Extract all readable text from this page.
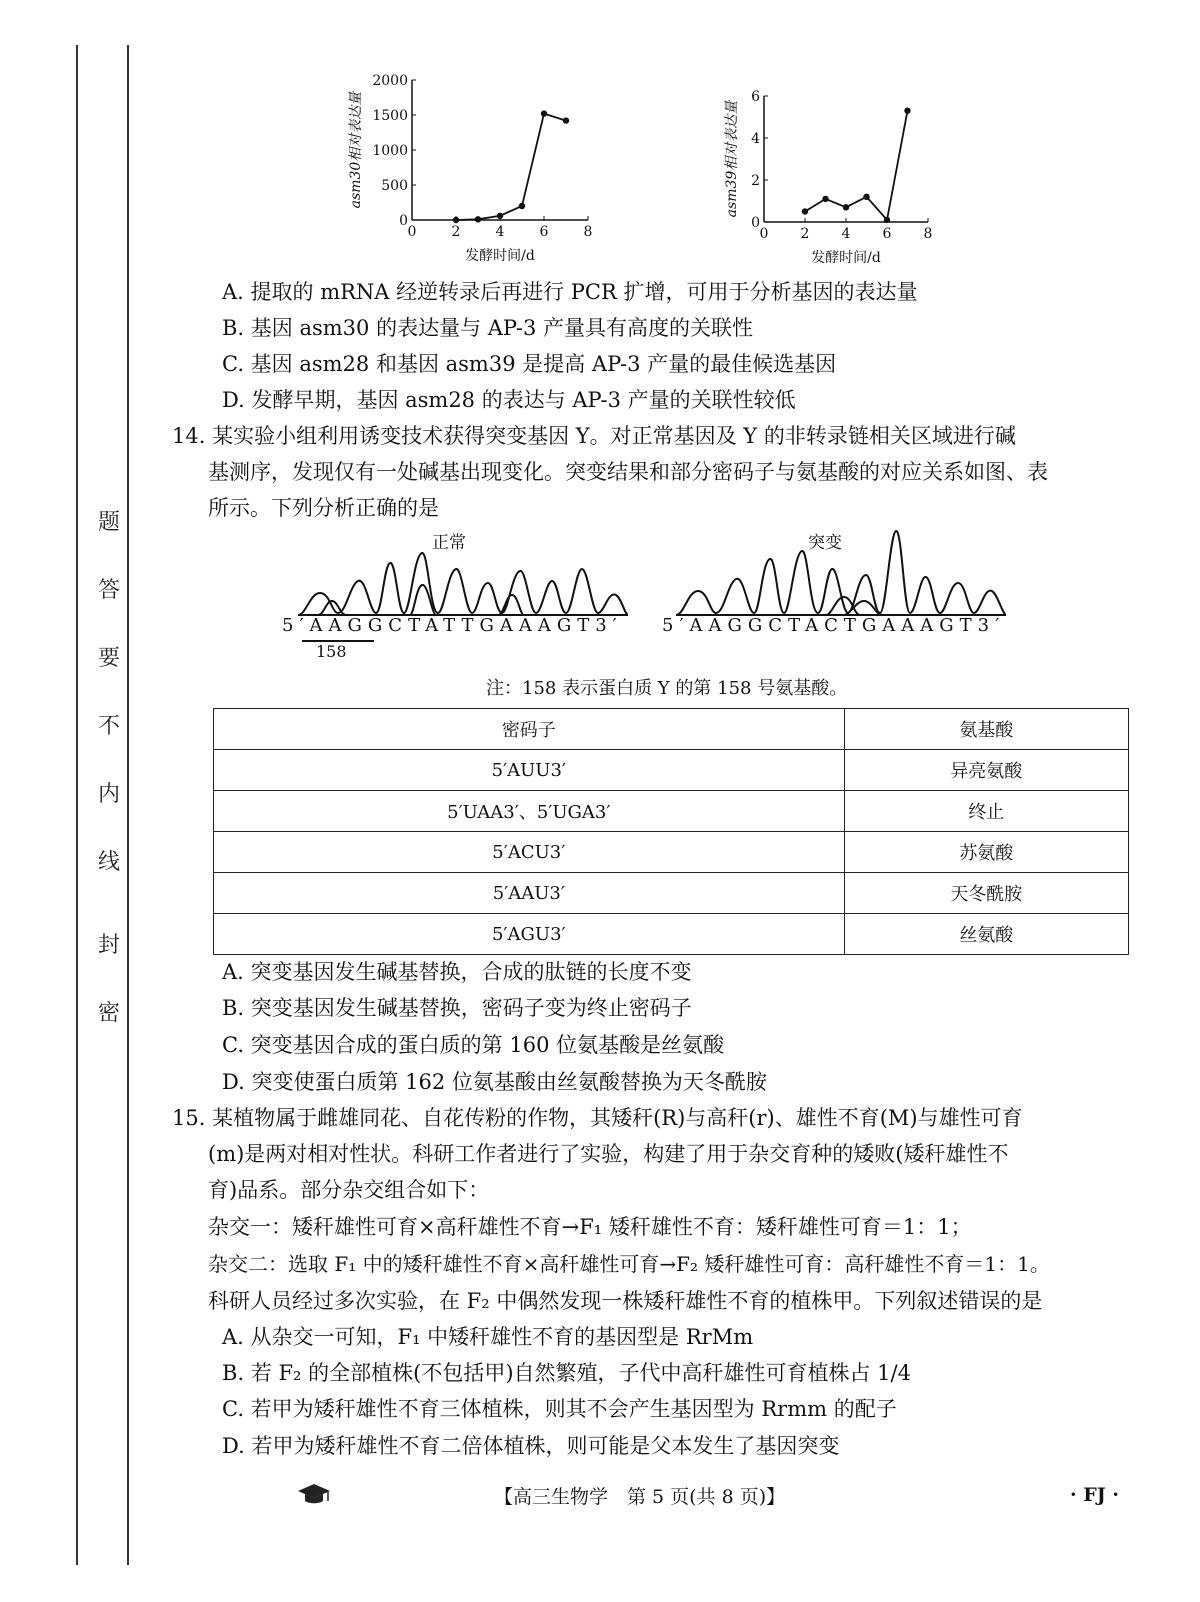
题
答
要
不
内
线
封
密
0	2	4	6	8
0
500
1000
1500
2000
发酵时间/d
asm30相对表达量
0 2 4 6 8
0
2
4
6
发酵时间/d
asm39相对表达量
A. 提取的 mRNA 经逆转录后再进行 PCR 扩增，可用于分析基因的表达量
B. 基因 asm30 的表达量与 AP-3 产量具有高度的关联性
C. 基因 asm28 和基因 asm39 是提高 AP-3 产量的最佳候选基因
D. 发酵早期，基因 asm28 的表达与 AP-3 产量的关联性较低
14. 某实验小组利用诱变技术获得突变基因 Y。对正常基因及 Y 的非转录链相关区域进行碱
基测序，发现仅有一处碱基出现变化。突变结果和部分密码子与氨基酸的对应关系如图、表
所示。下列分析正确的是
正常	突变
5′AAGGCTATTGAAAGT3′
158
5′AAGGCTACTGAAAGT3′
注：158 表示蛋白质 Y 的第 158 号氨基酸。
密码子	氨基酸
5′AUU3′	异亮氨酸
5′UAA3′、5′UGA3′	终止
5′ACU3′	苏氨酸
5′AAU3′	天冬酰胺
5′AGU3′	丝氨酸
A. 突变基因发生碱基替换，合成的肽链的长度不变
B. 突变基因发生碱基替换，密码子变为终止密码子
C. 突变基因合成的蛋白质的第 160 位氨基酸是丝氨酸
D. 突变使蛋白质第 162 位氨基酸由丝氨酸替换为天冬酰胺
15. 某植物属于雌雄同花、自花传粉的作物，其矮秆(R)与高秆(r)、雄性不育(M)与雄性可育
(m)是两对相对性状。科研工作者进行了实验，构建了用于杂交育种的矮败(矮秆雄性不
育)品系。部分杂交组合如下：
杂交一：矮秆雄性可育×高秆雄性不育→F₁ 矮秆雄性不育：矮秆雄性可育＝1：1；
杂交二：选取 F₁ 中的矮秆雄性不育×高秆雄性可育→F₂ 矮秆雄性可育：高秆雄性不育＝1：1。
科研人员经过多次实验，在 F₂ 中偶然发现一株矮秆雄性不育的植株甲。下列叙述错误的是
A. 从杂交一可知，F₁ 中矮秆雄性不育的基因型是 RrMm
B. 若 F₂ 的全部植株(不包括甲)自然繁殖，子代中高秆雄性可育植株占 1/4
C. 若甲为矮秆雄性不育三体植株，则其不会产生基因型为 Rrmm 的配子
D. 若甲为矮秆雄性不育二倍体植株，则可能是父本发生了基因突变
【高三生物学　第 5 页(共 8 页)】	· FJ ·
